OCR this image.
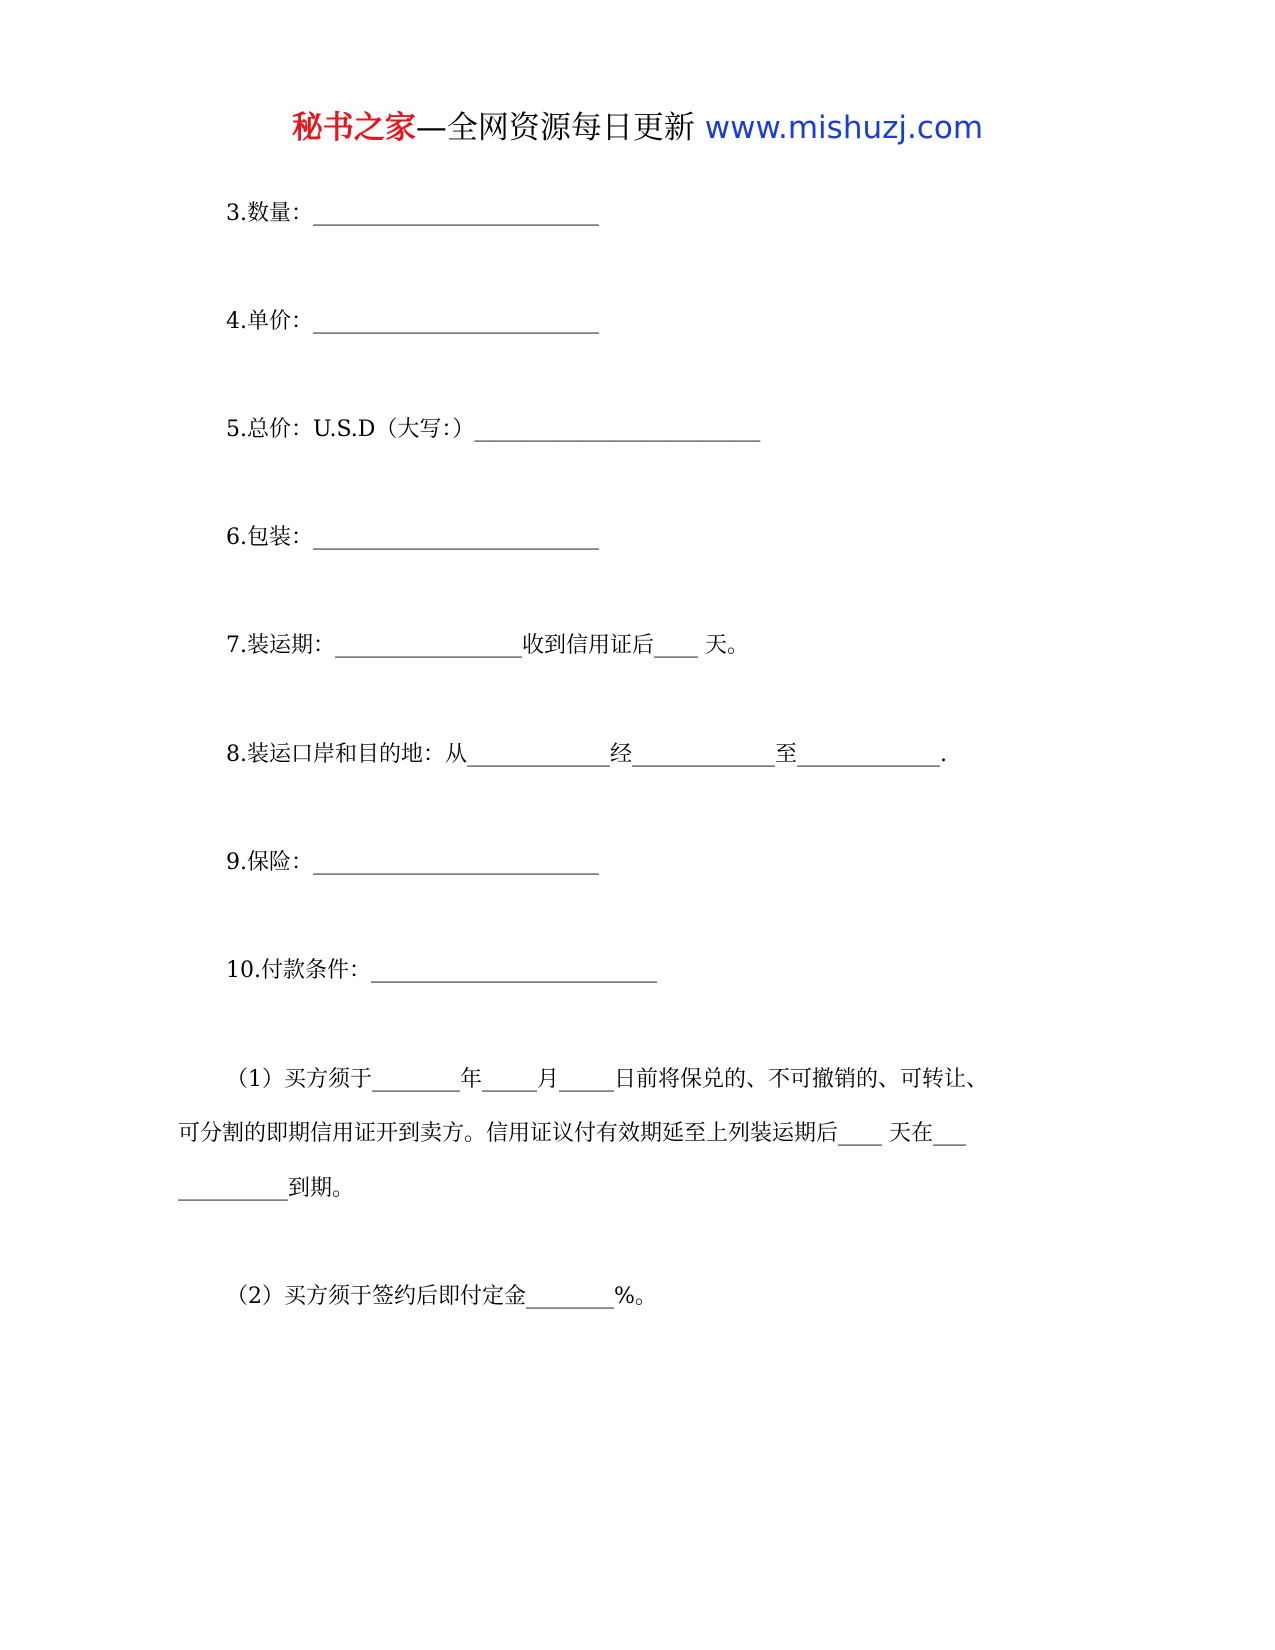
秘书之家—全网资源每日更新 www.mishuzj.com
3.数量：__________________________
4.单价：__________________________
5.总价：U.S.D（大写：）__________________________
6.包装：__________________________
7.装运期：_________________收到信用证后____ 天。
8.装运口岸和目的地：从_____________经_____________至_____________.
9.保险：__________________________
10.付款条件：__________________________
（1）买方须于________年_____月_____日前将保兑的、不可撤销的、可转让、
可分割的即期信用证开到卖方。信用证议付有效期延至上列装运期后____ 天在___
__________到期。
（2）买方须于签约后即付定金________%。
